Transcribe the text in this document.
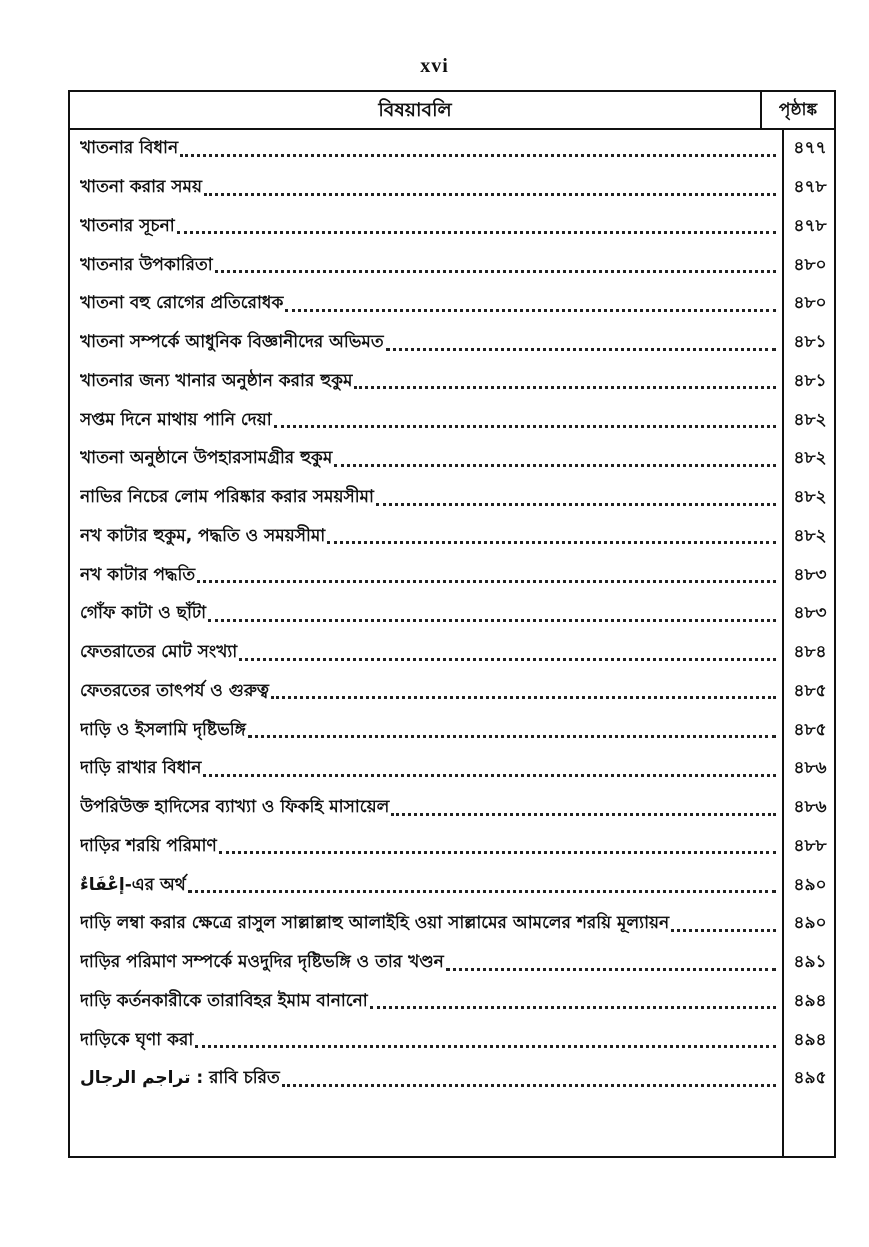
xvi
বিষয়াবলি	পৃষ্ঠাঙ্ক
খাতনার বিধান	৪৭৭
খাতনা করার সময়	৪৭৮
খাতনার সূচনা	৪৭৮
খাতনার উপকারিতা	৪৮০
খাতনা বহু রোগের প্রতিরোধক	৪৮০
খাতনা সম্পর্কে আধুনিক বিজ্ঞানীদের অভিমত	৪৮১
খাতনার জন্য খানার অনুষ্ঠান করার হুকুম	৪৮১
সপ্তম দিনে মাথায় পানি দেয়া	৪৮২
খাতনা অনুষ্ঠানে উপহারসামগ্রীর হুকুম	৪৮২
নাভির নিচের লোম পরিষ্কার করার সময়সীমা	৪৮২
নখ কাটার হুকুম, পদ্ধতি ও সময়সীমা	৪৮২
নখ কাটার পদ্ধতি	৪৮৩
গোঁফ কাটা ও ছাঁটা	৪৮৩
ফেতরাতের মোট সংখ্যা	৪৮৪
ফেতরতের তাৎপর্য ও গুরুত্ব	৪৮৫
দাড়ি ও ইসলামি দৃষ্টিভঙ্গি	৪৮৫
দাড়ি রাখার বিধান	৪৮৬
উপরিউক্ত হাদিসের ব্যাখ্যা ও ফিকহি মাসায়েল	৪৮৬
দাড়ির শরয়ি পরিমাণ	৪৮৮
إعْفَاءٌ-এর অর্থ	৪৯০
দাড়ি লম্বা করার ক্ষেত্রে রাসুল সাল্লাল্লাহু আলাইহি ওয়া সাল্লামের আমলের শরয়ি মূল্যায়ন	৪৯০
দাড়ির পরিমাণ সম্পর্কে মওদুদির দৃষ্টিভঙ্গি ও তার খণ্ডন	৪৯১
দাড়ি কর্তনকারীকে তারাবিহর ইমাম বানানো	৪৯৪
দাড়িকে ঘৃণা করা	৪৯৪
تراجم الرجال : রাবি চরিত	৪৯৫
